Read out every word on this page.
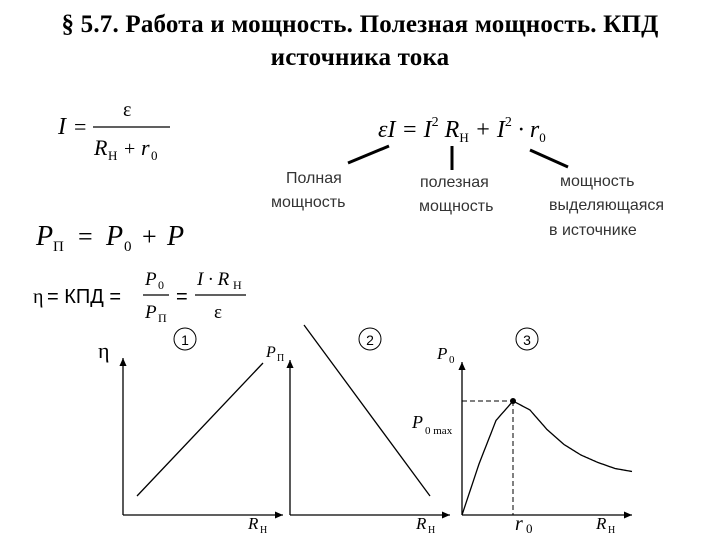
§ 5.7. Работа и мощность. Полезная мощность. КПД
источника тока
I =
ε
R Н + r 0
$\varepsilon I = I^2$ $R_Н + I^2 \cdot r_0$
Полная
мощность
полезная
мощность
мощность
выделяющаяся
в источнике
P П = P 0 + P
η = КПД =
P 0
P П
=
I · R Н
ε
1
η
R Н
2
P П
R Н
3
P 0
R Н
P 0 max
r 0
